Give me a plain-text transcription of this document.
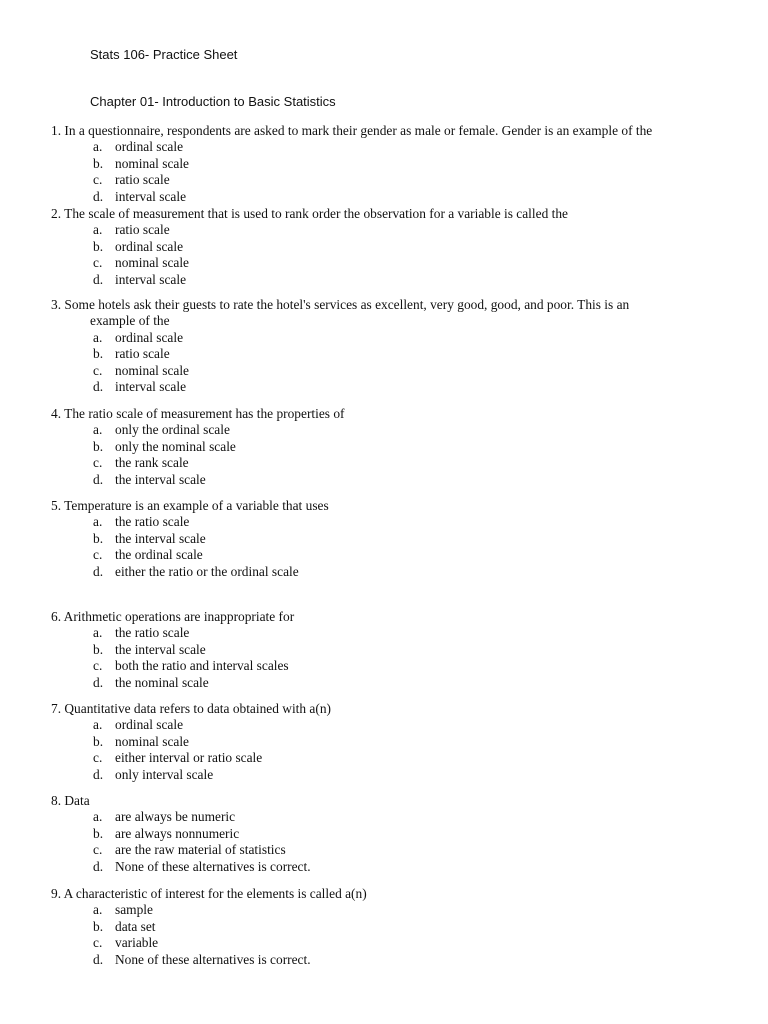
Stats 106- Practice Sheet
Chapter 01- Introduction to Basic Statistics
1. In a questionnaire, respondents are asked to mark their gender as male or female. Gender is an example of the
a. ordinal scale
b. nominal scale
c. ratio scale
d. interval scale
2. The scale of measurement that is used to rank order the observation for a variable is called the
a. ratio scale
b. ordinal scale
c. nominal scale
d. interval scale
3. Some hotels ask their guests to rate the hotel's services as excellent, very good, good, and poor. This is an
example of the
a. ordinal scale
b. ratio scale
c. nominal scale
d. interval scale
4. The ratio scale of measurement has the properties of
a. only the ordinal scale
b. only the nominal scale
c. the rank scale
d. the interval scale
5. Temperature is an example of a variable that uses
a. the ratio scale
b. the interval scale
c. the ordinal scale
d. either the ratio or the ordinal scale
6. Arithmetic operations are inappropriate for
a. the ratio scale
b. the interval scale
c. both the ratio and interval scales
d. the nominal scale
7. Quantitative data refers to data obtained with a(n)
a. ordinal scale
b. nominal scale
c. either interval or ratio scale
d. only interval scale
8. Data
a. are always be numeric
b. are always nonnumeric
c. are the raw material of statistics
d. None of these alternatives is correct.
9. A characteristic of interest for the elements is called a(n)
a. sample
b. data set
c. variable
d. None of these alternatives is correct.
